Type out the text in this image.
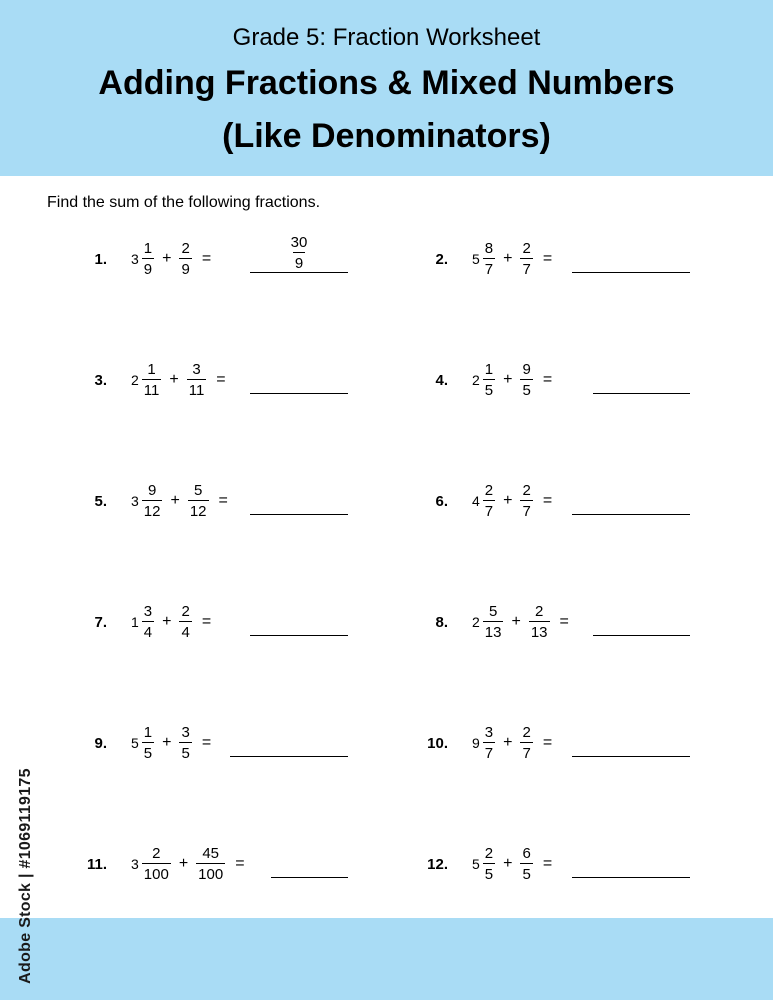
Grade 5: Fraction Worksheet
Adding Fractions & Mixed Numbers
(Like Denominators)
Find the sum of the following fractions.
Adobe Stock | #1069119175
1. $3 \frac{1}{9} + \frac{2}{9}$ =	$\frac{30}{9}$	2. $5 \frac{8}{7} + \frac{2}{7}$ =
3. $2 \frac{1}{11} + \frac{3}{11}$ =	4. $2 \frac{1}{5} + \frac{9}{5}$ =
5. $3 \frac{9}{12} + \frac{5}{12}$ =	6. $4 \frac{2}{7} + \frac{2}{7}$ =
7. $1 \frac{3}{4} + \frac{2}{4}$ =	8. $2 \frac{5}{13} + \frac{2}{13}$ =
9. $5 \frac{1}{5} + \frac{3}{5}$ =	10. $9 \frac{3}{7} + \frac{2}{7}$ =
11. $3 \frac{2}{100} + \frac{45}{100}$ =	12. $5 \frac{2}{5} + \frac{6}{5}$ =
